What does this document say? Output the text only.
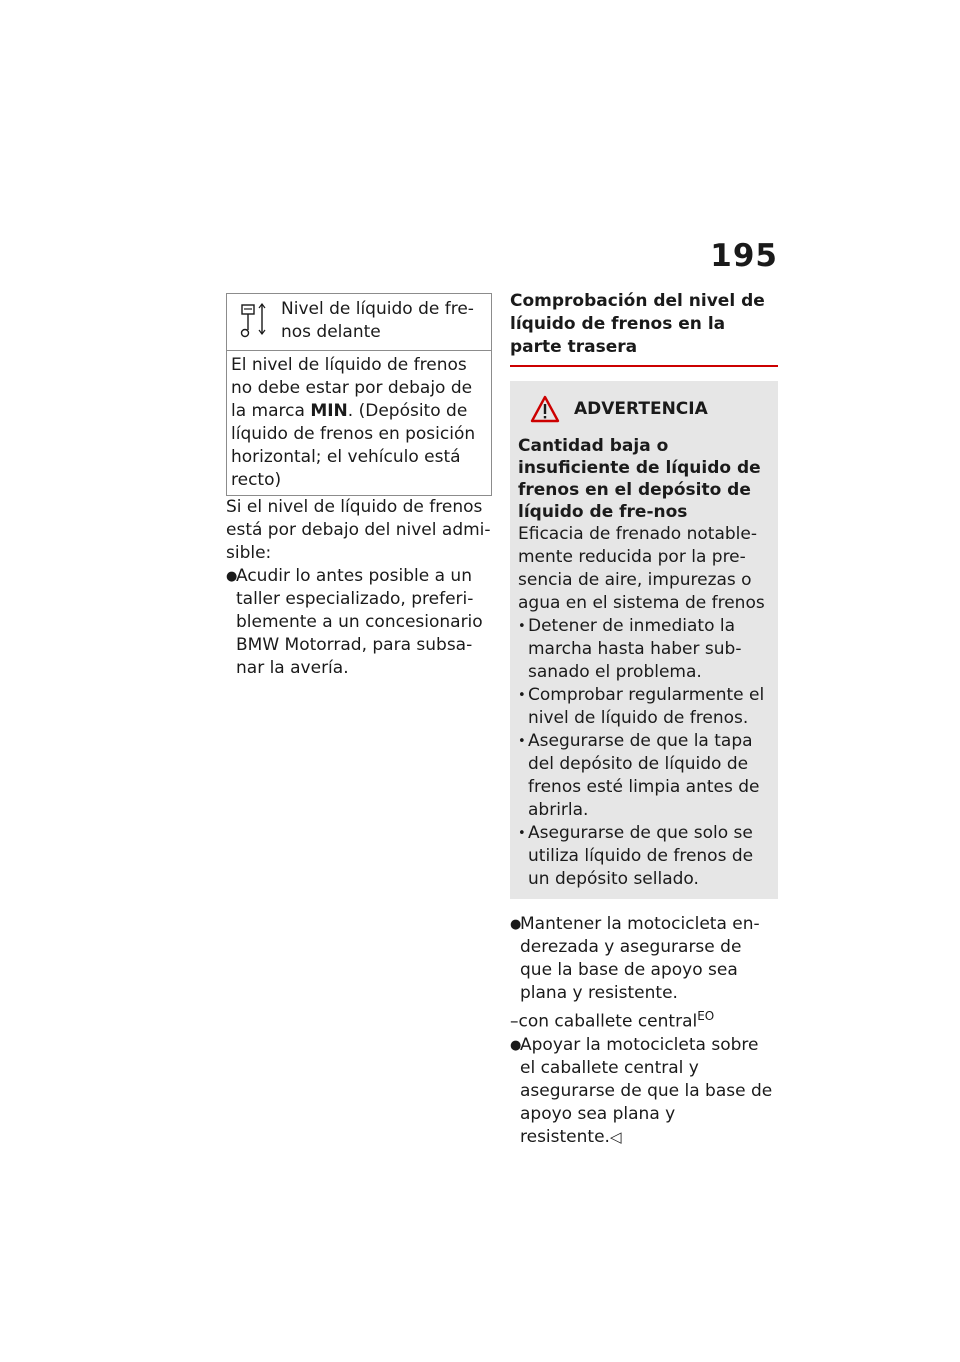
195
Nivel de líquido de fre-nos delante
El nivel de líquido de frenos no debe estar por debajo de la marca MIN. (Depósito de líquido de frenos en posición horizontal; el vehículo está recto)
Si el nivel de líquido de frenos está por debajo del nivel admi-sible:
●
Acudir lo antes posible a un taller especializado, preferi-blemente a un concesionario BMW Motorrad, para subsa-nar la avería.
Comprobación del nivel de líquido de frenos en la parte trasera
ADVERTENCIA
Cantidad baja o insuficiente de líquido de frenos en el depósito de líquido de fre-nos
Eficacia de frenado notable-mente reducida por la pre-sencia de aire, impurezas o agua en el sistema de frenos
• Detener de inmediato la marcha hasta haber sub-sanado el problema.
• Comprobar regularmente el nivel de líquido de frenos.
• Asegurarse de que la tapa del depósito de líquido de frenos esté limpia antes de abrirla.
• Asegurarse de que solo se utiliza líquido de frenos de un depósito sellado.
●
Mantener la motocicleta en-derezada y asegurarse de que la base de apoyo sea plana y resistente.
–con caballete central$^{EO}$
●
Apoyar la motocicleta sobre el caballete central y asegurarse de que la base de apoyo sea plana y resistente.◁
